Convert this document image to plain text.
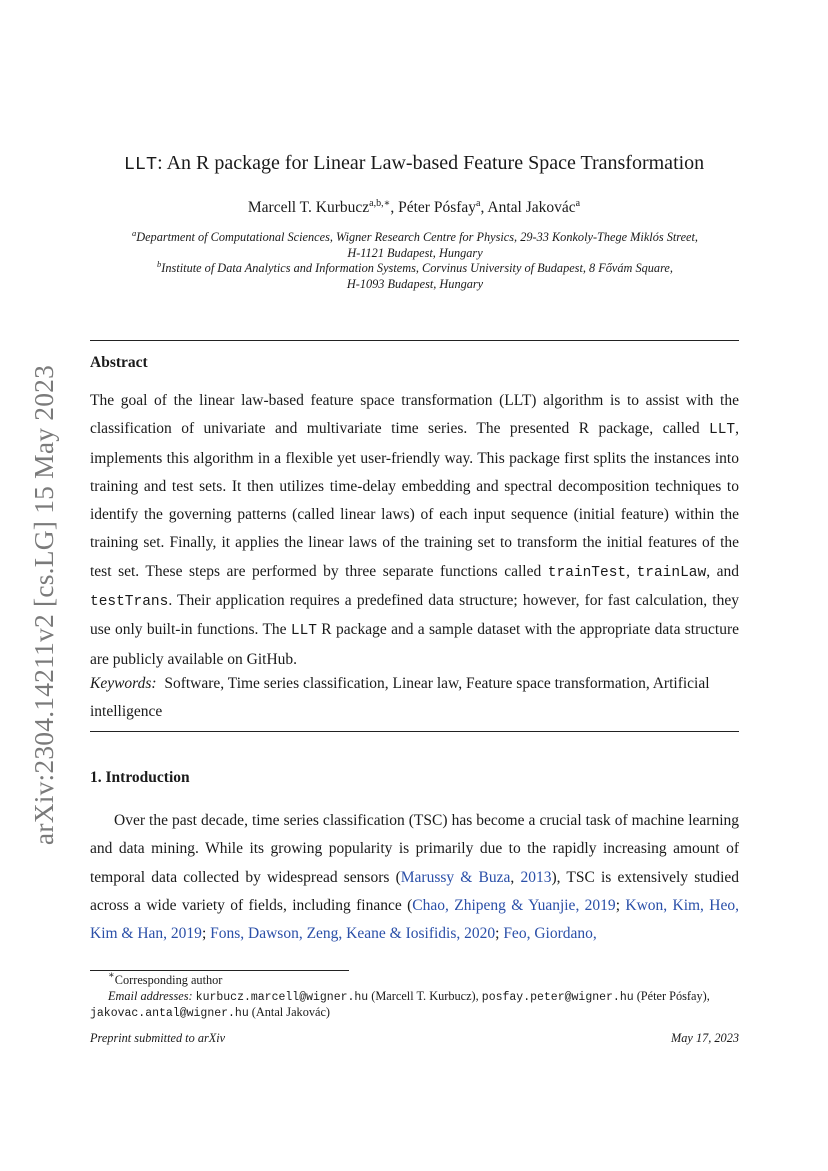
arXiv:2304.14211v2 [cs.LG] 15 May 2023
LLT: An R package for Linear Law-based Feature Space Transformation
Marcell T. Kurbucz$^{a,b,∗}$, Péter Pósfay$^a$, Antal Jakovác$^a$
$^a$Department of Computational Sciences, Wigner Research Centre for Physics, 29-33 Konkoly-Thege Miklós Street,
H-1121 Budapest, Hungary
$^b$Institute of Data Analytics and Information Systems, Corvinus University of Budapest, 8 Fővám Square,
H-1093 Budapest, Hungary
Abstract

The goal of the linear law-based feature space transformation (LLT) algorithm is to assist with the classification of univariate and multivariate time series. The presented R package, called LLT, implements this algorithm in a flexible yet user-friendly way. This package first splits the instances into training and test sets. It then utilizes time-delay embedding and spectral decomposition techniques to identify the governing patterns (called linear laws) of each input sequence (initial feature) within the training set. Finally, it applies the linear laws of the training set to transform the initial features of the test set. These steps are performed by three separate functions called trainTest, trainLaw, and testTrans. Their application requires a predefined data structure; however, for fast calculation, they use only built-in functions. The LLT R package and a sample dataset with the appropriate data structure are publicly available on GitHub.

Keywords: Software, Time series classification, Linear law, Feature space transformation, Artificial intelligence
1. Introduction

Over the past decade, time series classification (TSC) has become a crucial task of machine learning and data mining. While its growing popularity is primarily due to the rapidly increasing amount of temporal data collected by widespread sensors (Marussy & Buza, 2013), TSC is extensively studied across a wide variety of fields, including finance (Chao, Zhipeng & Yuanjie, 2019; Kwon, Kim, Heo, Kim & Han, 2019; Fons, Dawson, Zeng, Keane & Iosifidis, 2020; Feo, Giordano,

∗Corresponding author
Email addresses: kurbucz.marcell@wigner.hu (Marcell T. Kurbucz), posfay.peter@wigner.hu (Péter Pósfay), jakovac.antal@wigner.hu (Antal Jakovác)
Preprint submitted to arXiv	May 17, 2023
